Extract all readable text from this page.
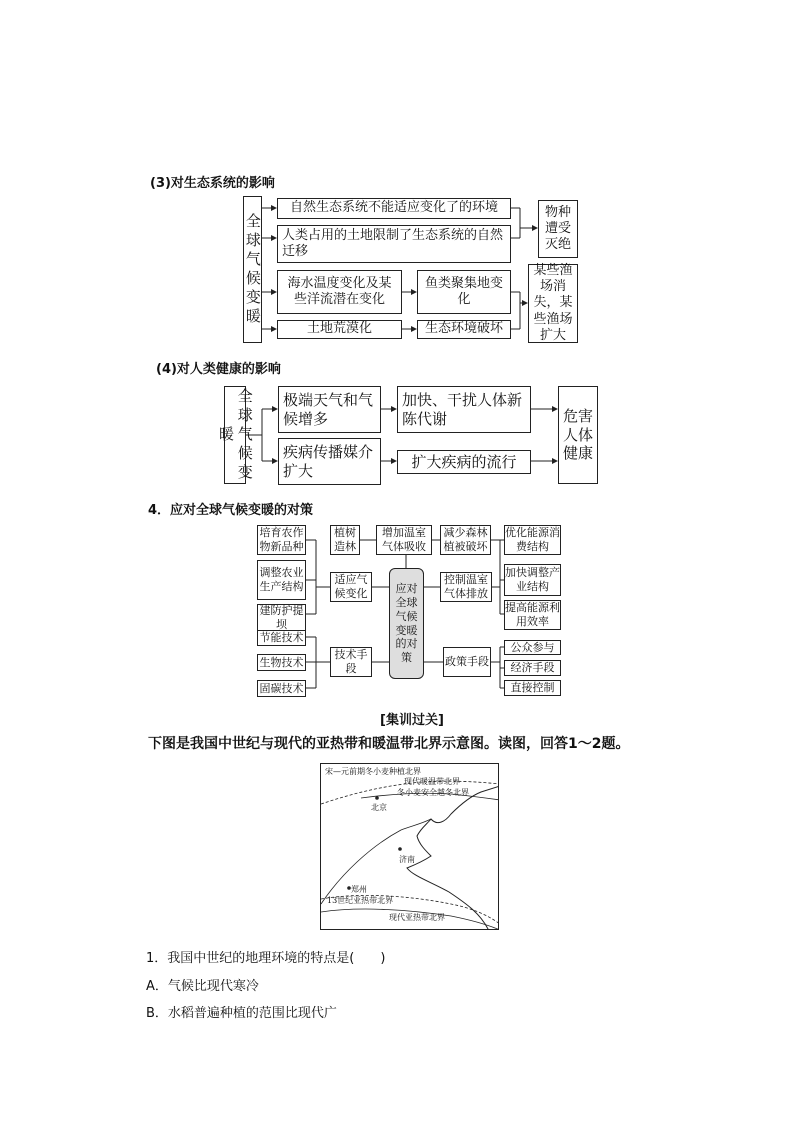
(3)对生态系统的影响
全球气候变暖
自然生态系统不能适应变化了的环境
人类占用的土地限制了生态系统的自然迁移
海水温度变化及某些洋流潜在变化
鱼类聚集地变化
土地荒漠化	生态环境破坏
物种遭受灭绝
某些渔场消失，某些渔场扩大
(4)对人类健康的影响
全球气候变暖
极端天气和气候增多
加快、干扰人体新陈代谢
疾病传播媒介扩大	扩大疾病的流行
危害人体健康
4．应对全球气候变暖的对策
培育农作物新品种
调整农业生产结构
建防护提坝
节能技术
生物技术
固碳技术
植树造林
增加温室气体吸收
减少森林植被破坏
适应气候变化
控制温室气体排放
技术手段
政策手段
应对全球气候变暖的对策
优化能源消费结构
加快调整产业结构
提高能源利用效率
公众参与
经济手段
直接控制
[集训过关]
下图是我国中世纪与现代的亚热带和暖温带北界示意图。读图，回答1～2题。
宋—元前期冬小麦种植北界
现代暖温带北界
冬小麦安全越冬北界
北京
济南
郑州
13世纪亚热带北界
现代亚热带北界
1．我国中世纪的地理环境的特点是(　　)
A．气候比现代寒冷
B．水稻普遍种植的范围比现代广
